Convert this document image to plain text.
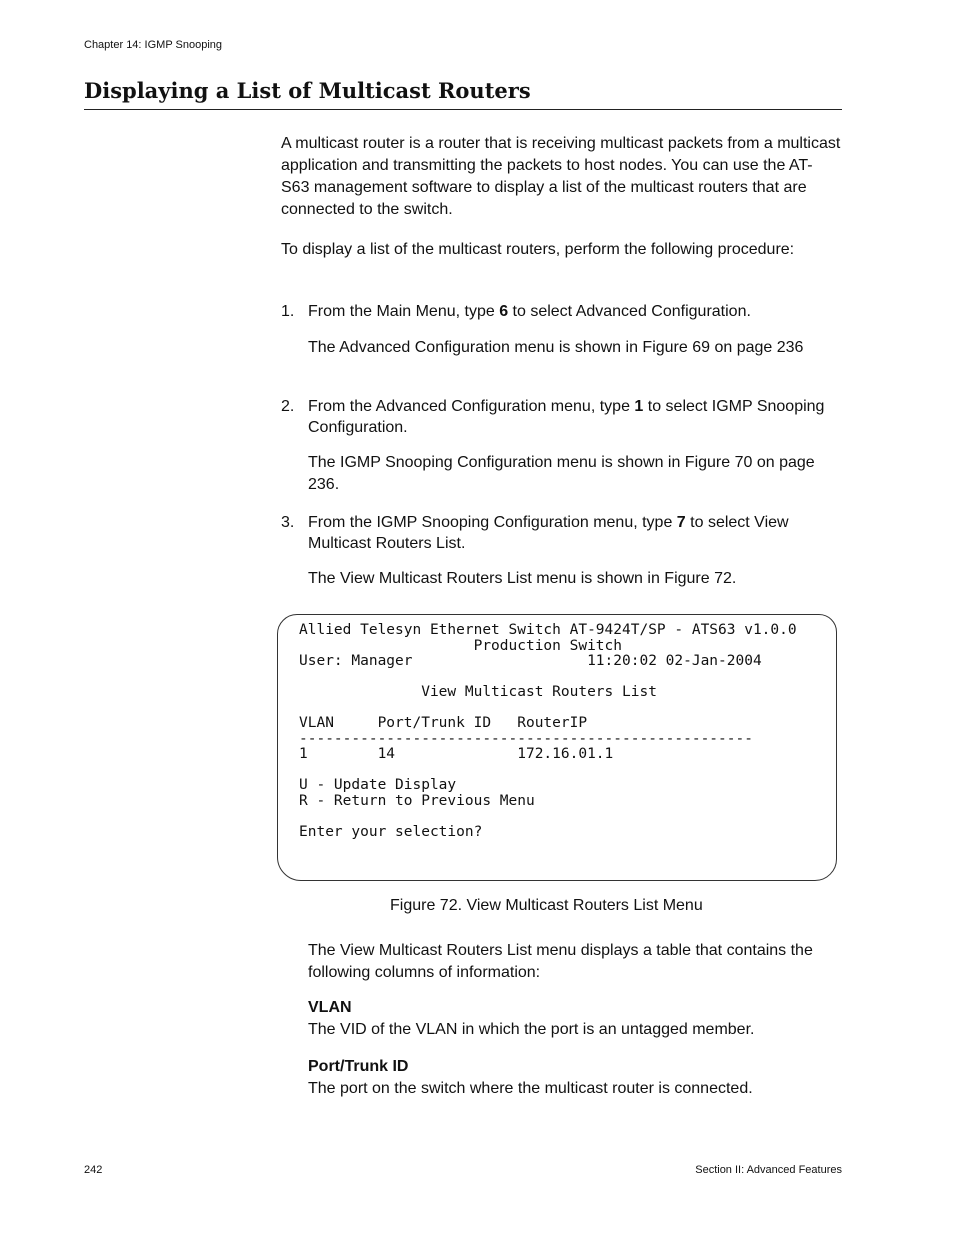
Chapter 14: IGMP Snooping
Displaying a List of Multicast Routers

A multicast router is a router that is receiving multicast packets from a multicast application and transmitting the packets to host nodes. You can use the AT-S63 management software to display a list of the multicast routers that are connected to the switch.

To display a list of the multicast routers, perform the following procedure:

1. From the Main Menu, type 6 to select Advanced Configuration.

The Advanced Configuration menu is shown in Figure 69 on page 236

2. From the Advanced Configuration menu, type 1 to select IGMP Snooping Configuration.

The IGMP Snooping Configuration menu is shown in Figure 70 on page 236.

3. From the IGMP Snooping Configuration menu, type 7 to select View Multicast Routers List.

The View Multicast Routers List menu is shown in Figure 72.

Allied Telesyn Ethernet Switch AT-9424T/SP - ATS63 v1.0.0
Production Switch
User: Manager                    11:20:02 02-Jan-2004

View Multicast Routers List

VLAN     Port/Trunk ID   RouterIP
----------------------------------------------------
1        14              172.16.01.1

U - Update Display
R - Return to Previous Menu

Enter your selection?
Figure 72. View Multicast Routers List Menu

The View Multicast Routers List menu displays a table that contains the following columns of information:

VLAN
The VID of the VLAN in which the port is an untagged member.
Port/Trunk ID
The port on the switch where the multicast router is connected.
242	Section II: Advanced Features
